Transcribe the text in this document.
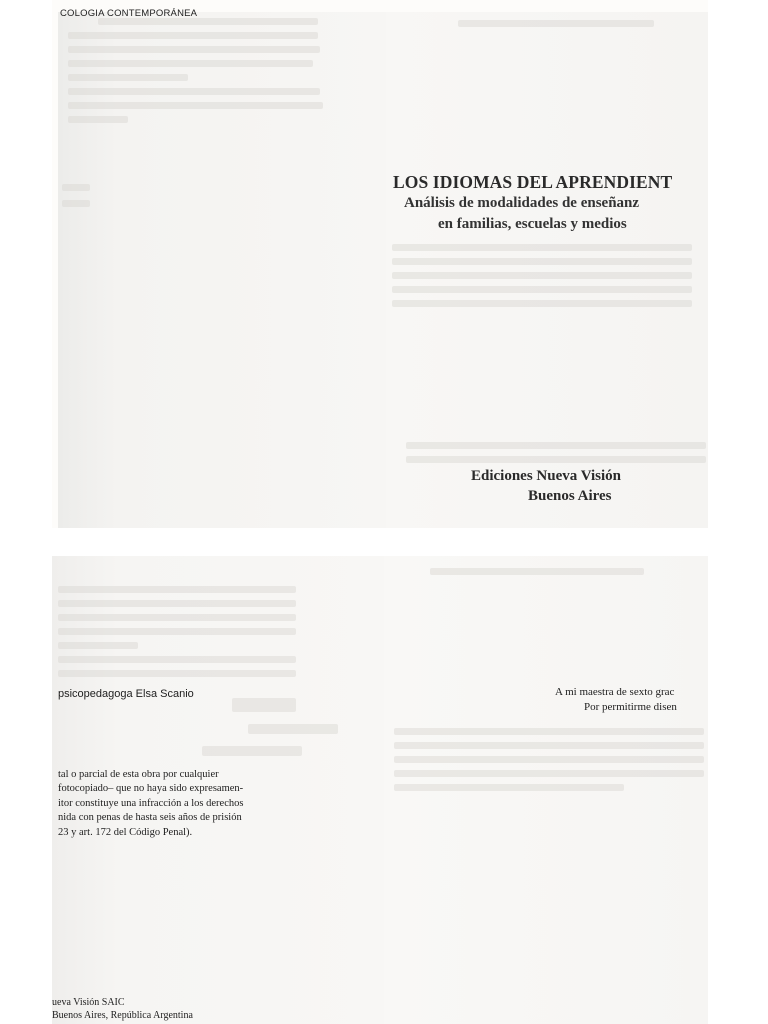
COLOGIA CONTEMPORÁNEA
LOS IDIOMAS DEL APRENDIENT
Análisis de modalidades de enseñanz
en familias, escuelas y medios
Ediciones Nueva Visión
Buenos Aires
psicopedagoga Elsa Scanio
tal o parcial de esta obra por cualquier
fotocopiado– que no haya sido expresamen-
itor constituye una infracción a los derechos
nida con penas de hasta seis años de prisión
23 y art. 172 del Código Penal).
ueva Visión SAIC
Buenos Aires, República Argentina
A mi maestra de sexto grac
Por permitirme disen
